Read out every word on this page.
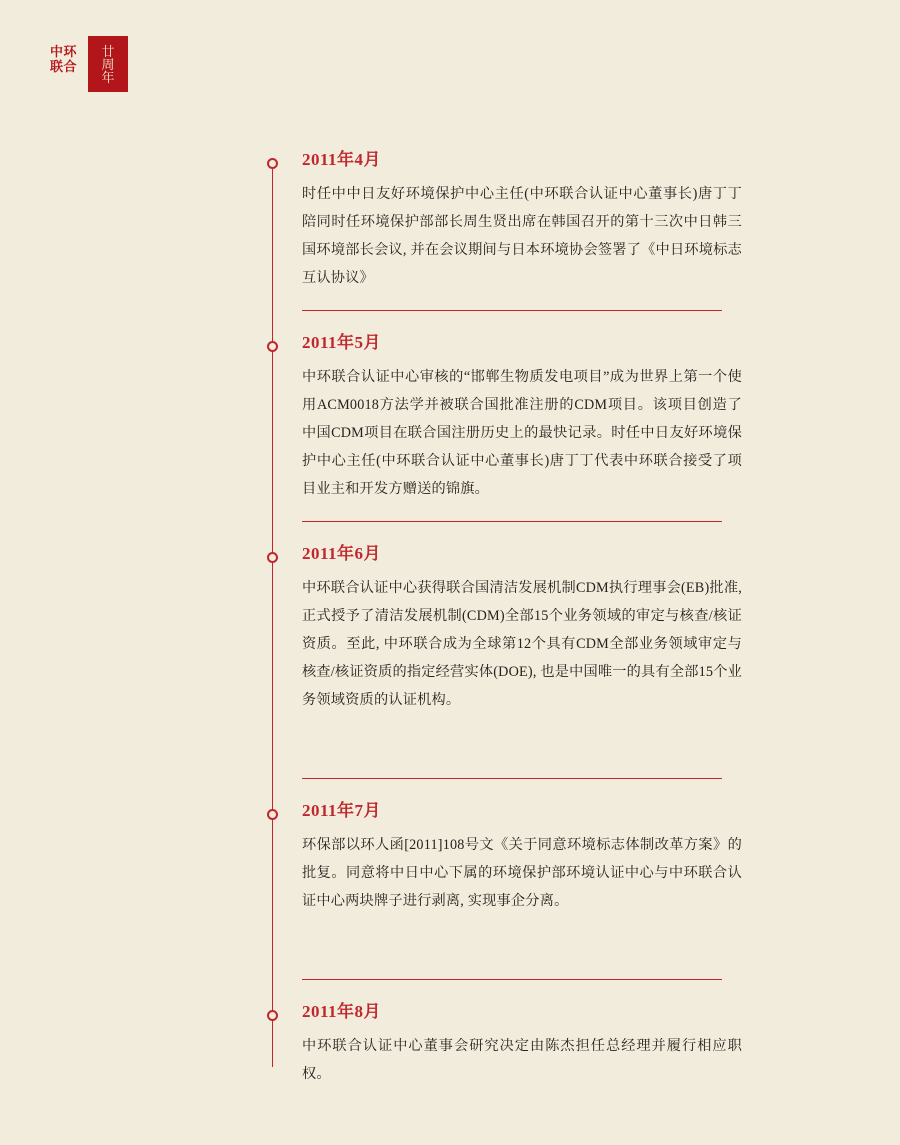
中环联合
廿
周
年
2011年4月
时任中中日友好环境保护中心主任(中环联合认证中心董事长)唐丁丁陪同时任环境保护部部长周生贤出席在韩国召开的第十三次中日韩三国环境部长会议, 并在会议期间与日本环境协会签署了《中日环境标志互认协议》
2011年5月
中环联合认证中心审核的“邯郸生物质发电项目”成为世界上第一个使用ACM0018方法学并被联合国批准注册的CDM项目。该项目创造了中国CDM项目在联合国注册历史上的最快记录。时任中日友好环境保护中心主任(中环联合认证中心董事长)唐丁丁代表中环联合接受了项目业主和开发方赠送的锦旗。
2011年6月
中环联合认证中心获得联合国清洁发展机制CDM执行理事会(EB)批准, 正式授予了清洁发展机制(CDM)全部15个业务领域的审定与核查/核证资质。至此, 中环联合成为全球第12个具有CDM全部业务领域审定与核查/核证资质的指定经营实体(DOE), 也是中国唯一的具有全部15个业务领域资质的认证机构。
2011年7月
环保部以环人函[2011]108号文《关于同意环境标志体制改革方案》的批复。同意将中日中心下属的环境保护部环境认证中心与中环联合认证中心两块牌子进行剥离, 实现事企分离。
2011年8月
中环联合认证中心董事会研究决定由陈杰担任总经理并履行相应职权。
